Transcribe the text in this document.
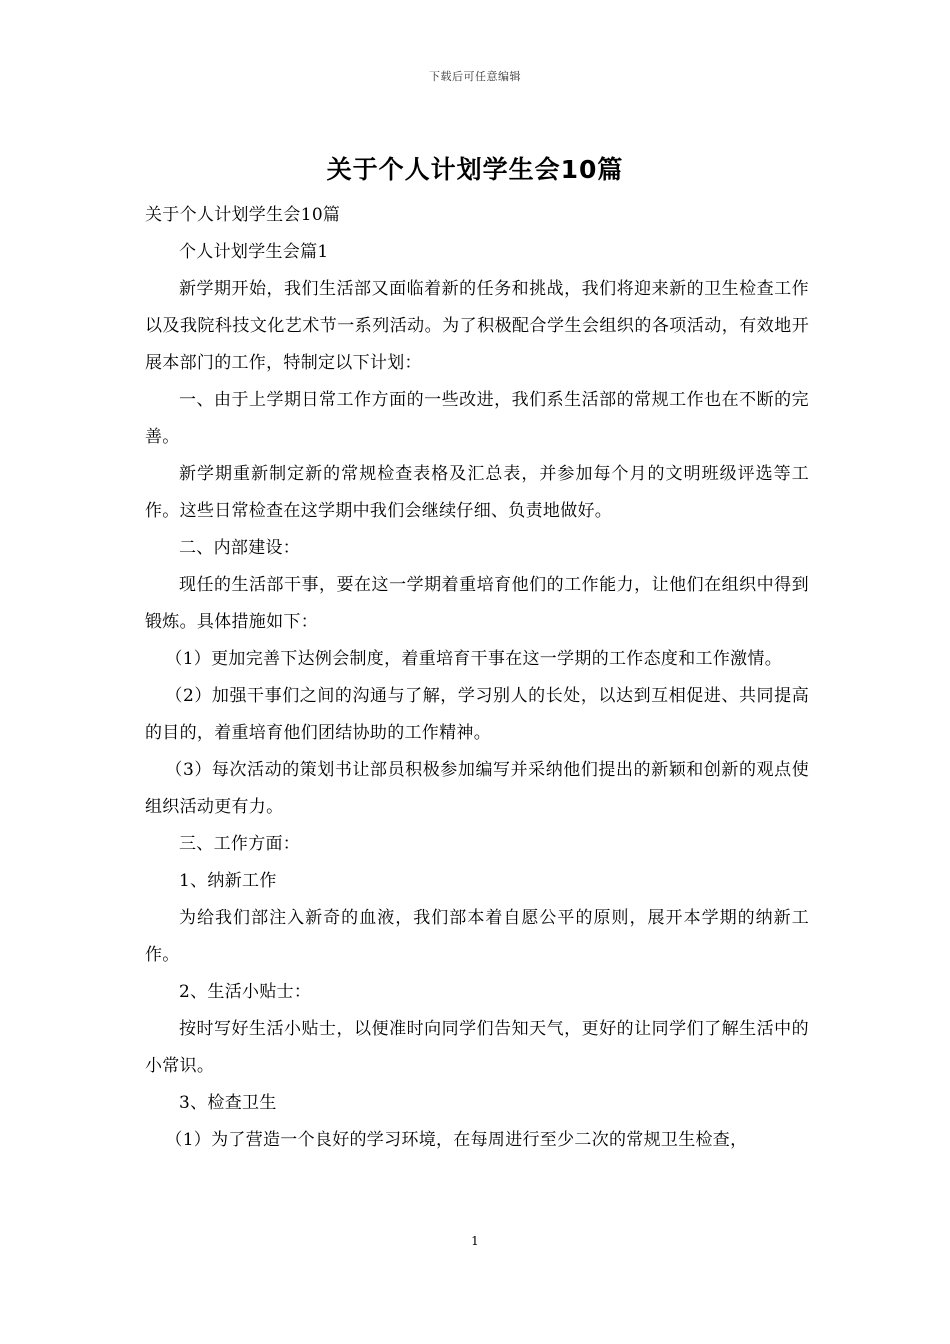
下载后可任意编辑
关于个人计划学生会10篇

关于个人计划学生会10篇

个人计划学生会篇1

新学期开始，我们生活部又面临着新的任务和挑战，我们将迎来新的卫生检查工作以及我院科技文化艺术节一系列活动。为了积极配合学生会组织的各项活动，有效地开展本部门的工作，特制定以下计划：

一、由于上学期日常工作方面的一些改进，我们系生活部的常规工作也在不断的完善。

新学期重新制定新的常规检查表格及汇总表，并参加每个月的文明班级评选等工作。这些日常检查在这学期中我们会继续仔细、负责地做好。

二、内部建设：

现任的生活部干事，要在这一学期着重培育他们的工作能力，让他们在组织中得到锻炼。具体措施如下：

（1）更加完善下达例会制度，着重培育干事在这一学期的工作态度和工作激情。

（2）加强干事们之间的沟通与了解，学习别人的长处，以达到互相促进、共同提高的目的，着重培育他们团结协助的工作精神。

（3）每次活动的策划书让部员积极参加编写并采纳他们提出的新颖和创新的观点使组织活动更有力。

三、工作方面：

1、纳新工作

为给我们部注入新奇的血液，我们部本着自愿公平的原则，展开本学期的纳新工作。

2、生活小贴士：

按时写好生活小贴士，以便准时向同学们告知天气，更好的让同学们了解生活中的小常识。

3、检查卫生

（1）为了营造一个良好的学习环境，在每周进行至少二次的常规卫生检查，

1
